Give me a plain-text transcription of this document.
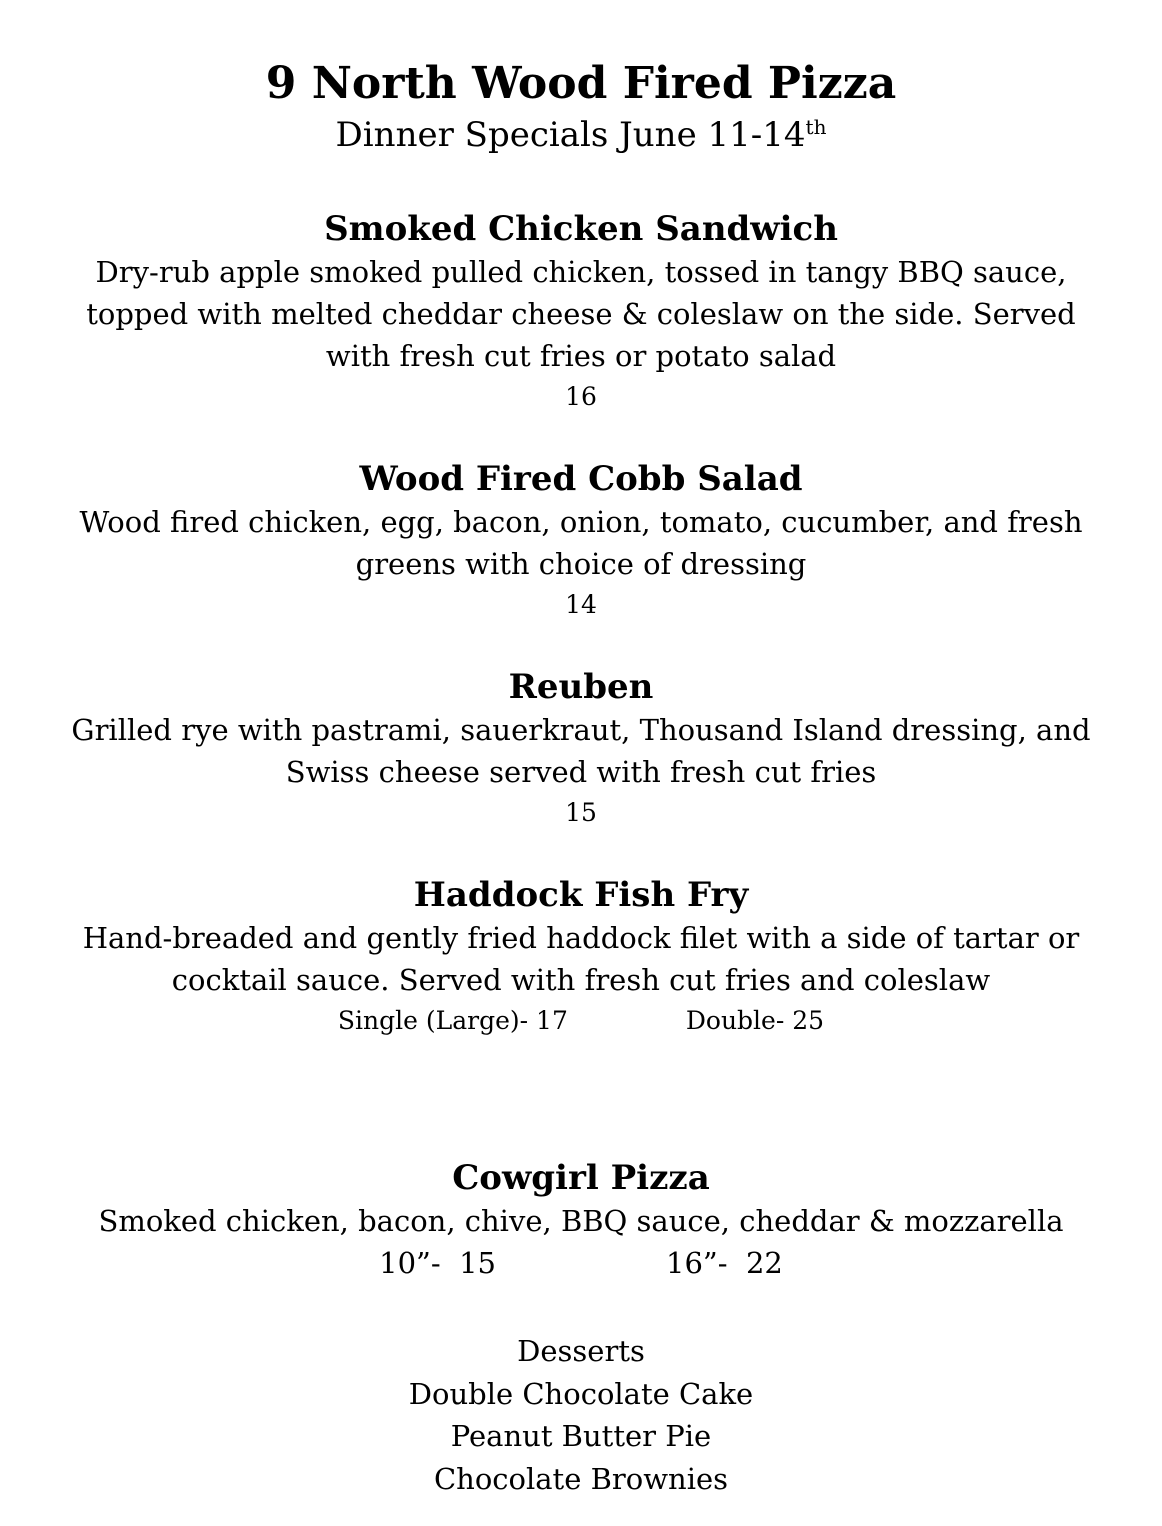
9 North Wood Fired Pizza

Dinner Specials June 11-14th

Smoked Chicken Sandwich

Dry-rub apple smoked pulled chicken, tossed in tangy BBQ sauce,

topped with melted cheddar cheese & coleslaw on the side. Served

with fresh cut fries or potato salad

16

Wood Fired Cobb Salad

Wood fired chicken, egg, bacon, onion, tomato, cucumber, and fresh

greens with choice of dressing

14

Reuben

Grilled rye with pastrami, sauerkraut, Thousand Island dressing, and

Swiss cheese served with fresh cut fries

15

Haddock Fish Fry

Hand-breaded and gently fried haddock filet with a side of tartar or

cocktail sauce. Served with fresh cut fries and coleslaw

Single (Large)- 17	Double- 25

Cowgirl Pizza

Smoked chicken, bacon, chive, BBQ sauce, cheddar & mozzarella

10”-  15	16”-  22

Desserts

Double Chocolate Cake

Peanut Butter Pie

Chocolate Brownies
